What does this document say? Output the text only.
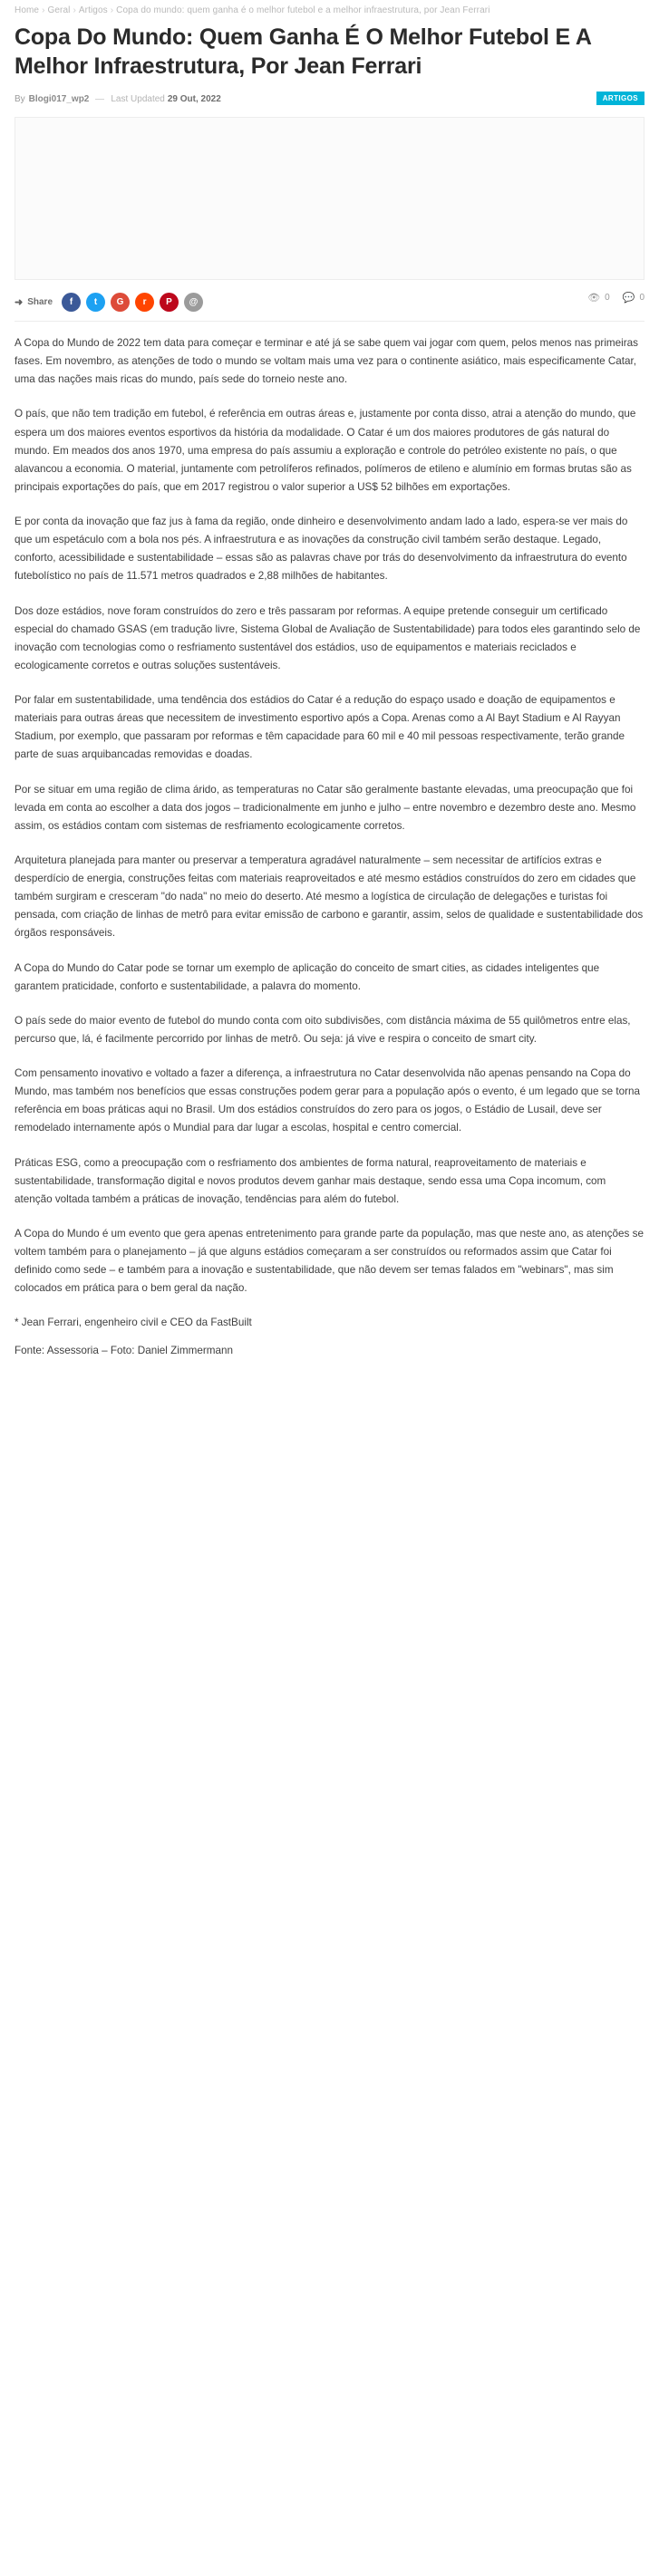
Home › Geral › Artigos › Copa do mundo: quem ganha é o melhor futebol e a melhor infraestrutura, por Jean Ferrari
Copa Do Mundo: Quem Ganha É O Melhor Futebol E A Melhor Infraestrutura, Por Jean Ferrari
By Blogi017_wp2 Last Updated 29 Out, 2022	ARTIGOS
➜ Share f t G r P @	👁 0 💬 0

A Copa do Mundo de 2022 tem data para começar e terminar e até já se sabe quem vai jogar com quem, pelos menos nas primeiras fases. Em novembro, as atenções de todo o mundo se voltam mais uma vez para o continente asiático, mais especificamente Catar, uma das nações mais ricas do mundo, país sede do torneio neste ano.

O país, que não tem tradição em futebol, é referência em outras áreas e, justamente por conta disso, atrai a atenção do mundo, que espera um dos maiores eventos esportivos da história da modalidade. O Catar é um dos maiores produtores de gás natural do mundo. Em meados dos anos 1970, uma empresa do país assumiu a exploração e controle do petróleo existente no país, o que alavancou a economia. O material, juntamente com petrolíferos refinados, polímeros de etileno e alumínio em formas brutas são as principais exportações do país, que em 2017 registrou o valor superior a US$ 52 bilhões em exportações.

E por conta da inovação que faz jus à fama da região, onde dinheiro e desenvolvimento andam lado a lado, espera-se ver mais do que um espetáculo com a bola nos pés. A infraestrutura e as inovações da construção civil também serão destaque. Legado, conforto, acessibilidade e sustentabilidade – essas são as palavras chave por trás do desenvolvimento da infraestrutura do evento futebolístico no país de 11.571 metros quadrados e 2,88 milhões de habitantes.

Dos doze estádios, nove foram construídos do zero e três passaram por reformas. A equipe pretende conseguir um certificado especial do chamado GSAS (em tradução livre, Sistema Global de Avaliação de Sustentabilidade) para todos eles garantindo selo de inovação com tecnologias como o resfriamento sustentável dos estádios, uso de equipamentos e materiais reciclados e ecologicamente corretos e outras soluções sustentáveis.

Por falar em sustentabilidade, uma tendência dos estádios do Catar é a redução do espaço usado e doação de equipamentos e materiais para outras áreas que necessitem de investimento esportivo após a Copa. Arenas como a Al Bayt Stadium e Al Rayyan Stadium, por exemplo, que passaram por reformas e têm capacidade para 60 mil e 40 mil pessoas respectivamente, terão grande parte de suas arquibancadas removidas e doadas.

Por se situar em uma região de clima árido, as temperaturas no Catar são geralmente bastante elevadas, uma preocupação que foi levada em conta ao escolher a data dos jogos – tradicionalmente em junho e julho – entre novembro e dezembro deste ano. Mesmo assim, os estádios contam com sistemas de resfriamento ecologicamente corretos.

Arquitetura planejada para manter ou preservar a temperatura agradável naturalmente – sem necessitar de artifícios extras e desperdício de energia, construções feitas com materiais reaproveitados e até mesmo estádios construídos do zero em cidades que também surgiram e cresceram "do nada" no meio do deserto. Até mesmo a logística de circulação de delegações e turistas foi pensada, com criação de linhas de metrô para evitar emissão de carbono e garantir, assim, selos de qualidade e sustentabilidade dos órgãos responsáveis.

A Copa do Mundo do Catar pode se tornar um exemplo de aplicação do conceito de smart cities, as cidades inteligentes que garantem praticidade, conforto e sustentabilidade, a palavra do momento.

O país sede do maior evento de futebol do mundo conta com oito subdivisões, com distância máxima de 55 quilômetros entre elas, percurso que, lá, é facilmente percorrido por linhas de metrô. Ou seja: já vive e respira o conceito de smart city.

Com pensamento inovativo e voltado a fazer a diferença, a infraestrutura no Catar desenvolvida não apenas pensando na Copa do Mundo, mas também nos benefícios que essas construções podem gerar para a população após o evento, é um legado que se torna referência em boas práticas aqui no Brasil. Um dos estádios construídos do zero para os jogos, o Estádio de Lusail, deve ser remodelado internamente após o Mundial para dar lugar a escolas, hospital e centro comercial.

Práticas ESG, como a preocupação com o resfriamento dos ambientes de forma natural, reaproveitamento de materiais e sustentabilidade, transformação digital e novos produtos devem ganhar mais destaque, sendo essa uma Copa incomum, com atenção voltada também a práticas de inovação, tendências para além do futebol.

A Copa do Mundo é um evento que gera apenas entretenimento para grande parte da população, mas que neste ano, as atenções se voltem também para o planejamento – já que alguns estádios começaram a ser construídos ou reformados assim que Catar foi definido como sede – e também para a inovação e sustentabilidade, que não devem ser temas falados em "webinars", mas sim colocados em prática para o bem geral da nação.

* Jean Ferrari, engenheiro civil e CEO da FastBuilt

Fonte: Assessoria – Foto: Daniel Zimmermann
